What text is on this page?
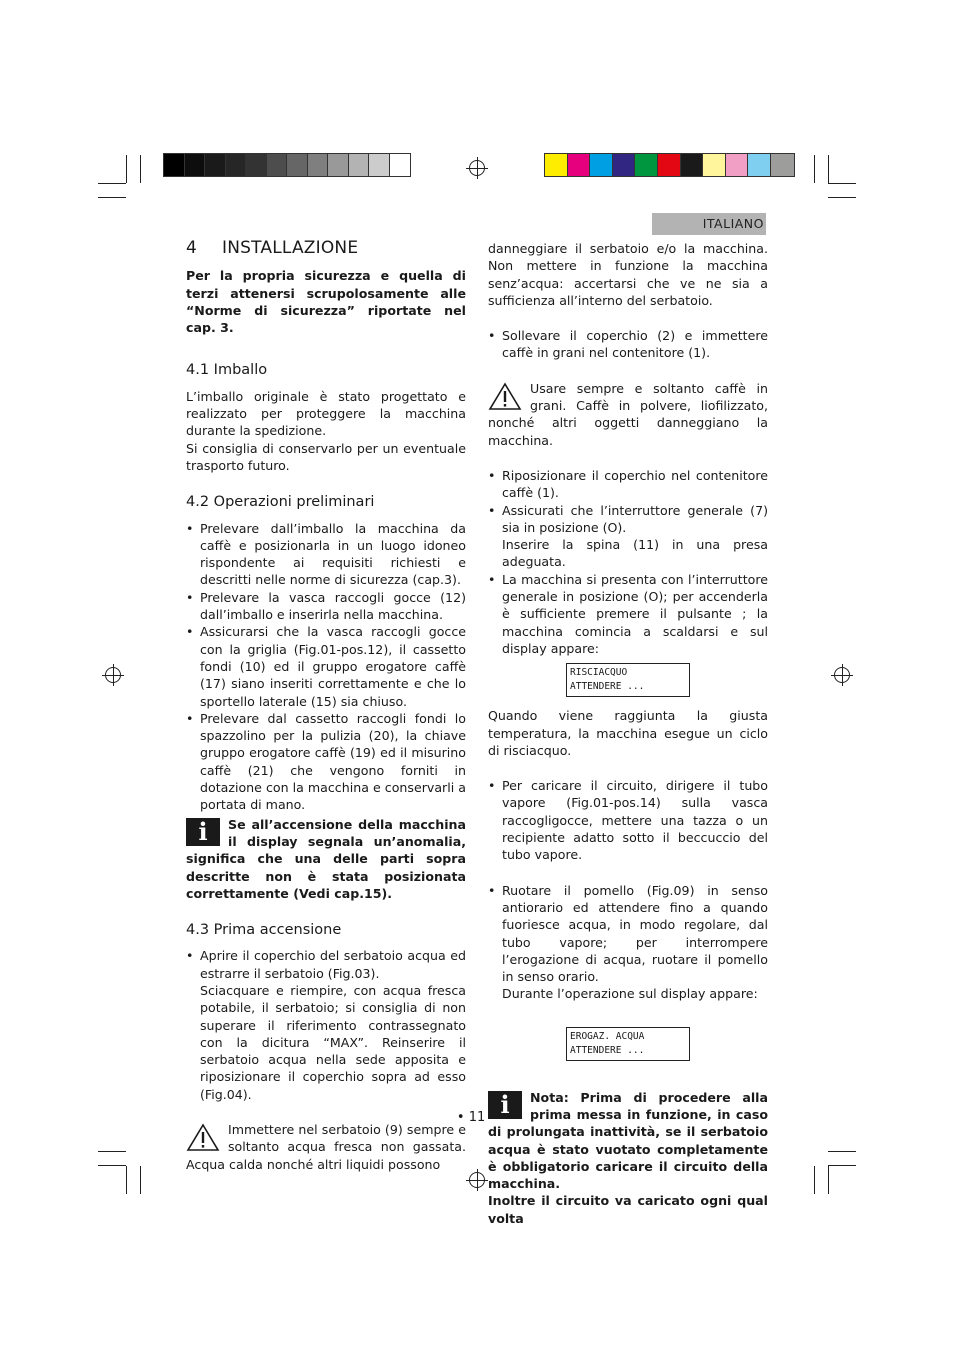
ITALIANO
4 INSTALLAZIONE

Per la propria sicurezza e quella di terzi attenersi scrupolosamente alle “Norme di sicurezza” riportate nel cap. 3.

4.1 Imballo

L’imballo originale è stato progettato e realizzato per proteggere la macchina durante la spedizione.

Si consiglia di conservarlo per un eventuale trasporto futuro.

4.2 Operazioni preliminari
• Prelevare dall’imballo la macchina da caffè e posizionarla in un luogo idoneo rispondente ai requisiti richiesti e descritti nelle norme di sicurezza (cap.3).
• Prelevare la vasca raccogli gocce (12) dall’imballo e inserirla nella macchina.
• Assicurarsi che la vasca raccogli gocce con la griglia (Fig.01-pos.12), il cassetto fondi (10) ed il gruppo erogatore caffè (17) siano inseriti correttamente e che lo sportello laterale (15) sia chiuso.
• Prelevare dal cassetto raccogli fondi lo spazzolino per la pulizia (20), la chiave gruppo erogatore caffè (19) ed il misurino caffè (21) che vengono forniti in dotazione con la macchina e conservarli a portata di mano.
i	Se all’accensione della macchina il display segnala un’anomalia, significa che una delle parti sopra descritte non è stata posizionata correttamente (Vedi cap.15).
4.3 Prima accensione
• Aprire il coperchio del serbatoio acqua ed estrarre il serbatoio (Fig.03).

Sciacquare e riempire, con acqua fresca potabile, il serbatoio; si consiglia di non superare il riferimento contrassegnato con la dicitura “MAX”. Reinserire il serbatoio acqua nella sede apposita e riposizionare il coperchio sopra ad esso (Fig.04).

Immettere nel serbatoio (9) sempre e soltanto acqua fresca non gassata. Acqua calda nonché altri liquidi possono

danneggiare il serbatoio e/o la macchina. Non mettere in funzione la macchina senz’acqua: accertarsi che ve ne sia a sufficienza all’interno del serbatoio.

• Sollevare il coperchio (2) e immettere caffè in grani nel contenitore (1).
Usare sempre e soltanto caffè in grani. Caffè in polvere, liofilizzato, nonché altri oggetti danneggiano la macchina.
• Riposizionare il coperchio nel contenitore caffè (1).
• Assicurati che l’interruttore generale (7) sia in posizione (O).

Inserire la spina (11) in una presa adeguata.

• La macchina si presenta con l’interruttore generale in posizione (O); per accenderla è sufficiente premere il pulsante ; la macchina comincia a scaldarsi e sul display appare:
RISCIACQUO
ATTENDERE ...

Quando viene raggiunta la giusta temperatura, la macchina esegue un ciclo di risciacquo.

• Per caricare il circuito, dirigere il tubo vapore (Fig.01-pos.14) sulla vasca raccogligocce, mettere una tazza o un recipiente adatto sotto il beccuccio del tubo vapore.
• Ruotare il pomello (Fig.09) in senso antiorario ed attendere fino a quando fuoriesce acqua, in modo regolare, dal tubo vapore; per interrompere l’erogazione di acqua, ruotare il pomello in senso orario.

Durante l’operazione sul display appare:

EROGAZ. ACQUA
ATTENDERE ...
i	Nota: Prima di procedere alla prima messa in funzione, in caso di prolungata inattività, se il serbatoio acqua è stato vuotato completamente è obbligatorio caricare il circuito della macchina.

Inoltre il circuito va caricato ogni qual volta

• 11 •
